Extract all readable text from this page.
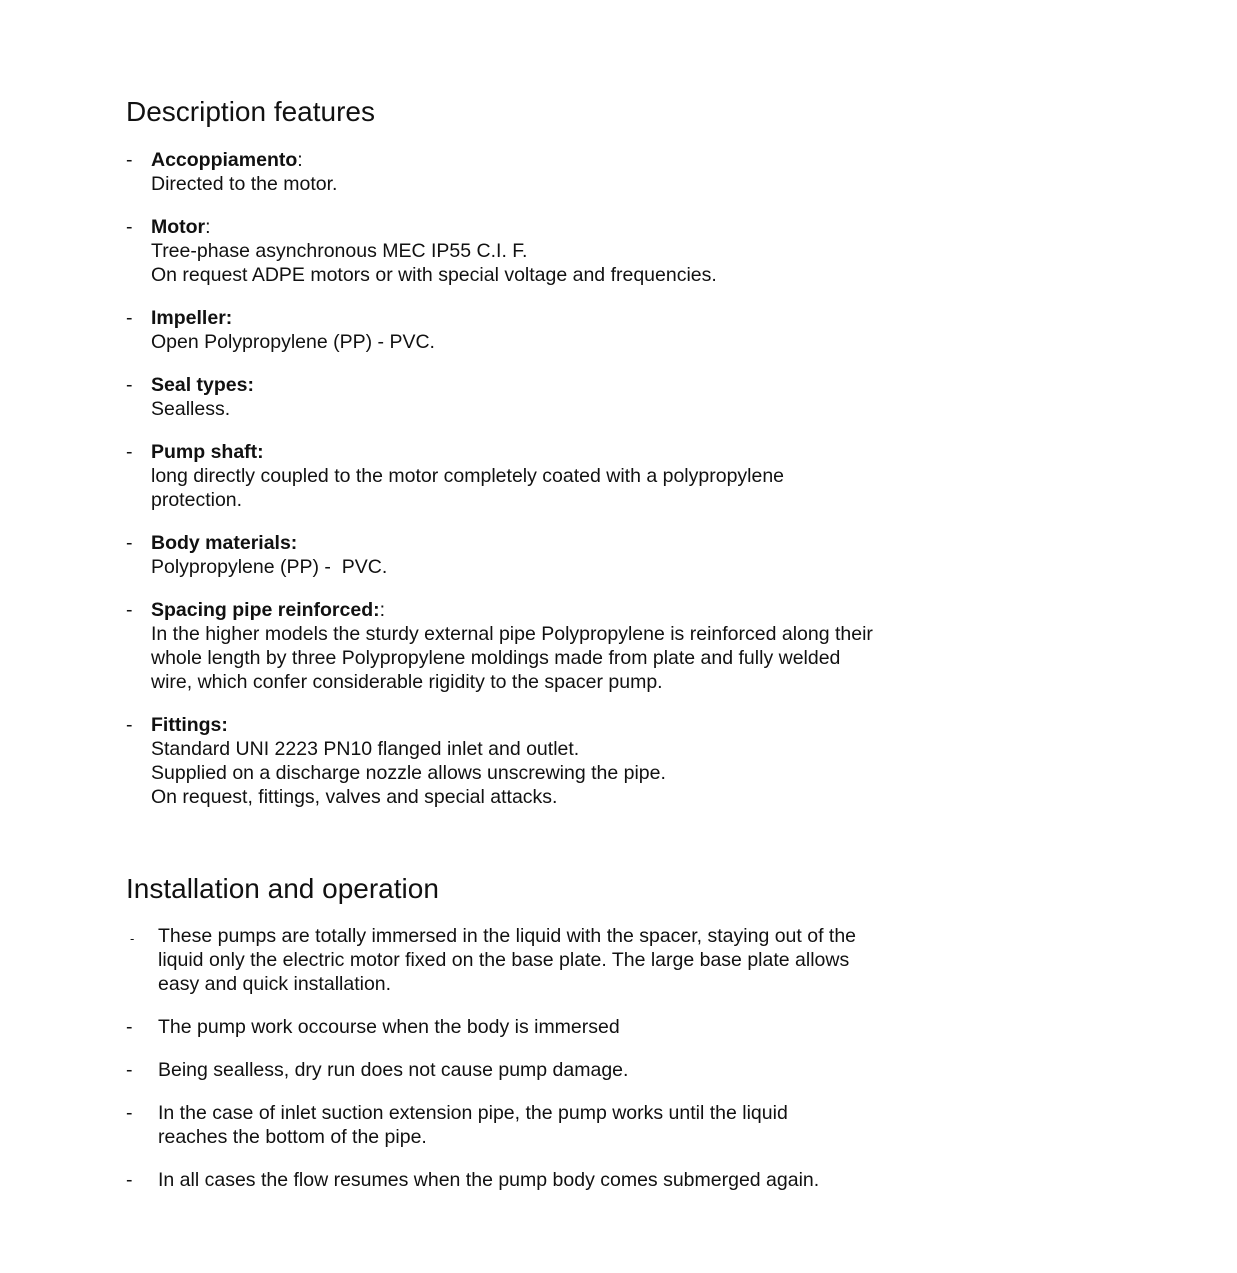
Description features
- Accoppiamento:
Directed to the motor.
- Motor:
Tree-phase asynchronous MEC IP55 C.I. F.
On request ADPE motors or with special voltage and frequencies.
- Impeller:
Open Polypropylene (PP) - PVC.
- Seal types:
Sealless.
- Pump shaft:
long directly coupled to the motor completely coated with a polypropylene protection.
- Body materials:
Polypropylene (PP) -  PVC.
- Spacing pipe reinforced::
In the higher models the sturdy external pipe Polypropylene is reinforced along their whole length by three Polypropylene moldings made from plate and fully welded wire, which confer considerable rigidity to the spacer pump.
- Fittings:
Standard UNI 2223 PN10 flanged inlet and outlet.
Supplied on a discharge nozzle allows unscrewing the pipe.
On request, fittings, valves and special attacks.
Installation and operation
- These pumps are totally immersed in the liquid with the spacer, staying out of the liquid only the electric motor fixed on the base plate. The large base plate allows easy and quick installation.
- The pump work occourse when the body is immersed
- Being sealless, dry run does not cause pump damage.
- In the case of inlet suction extension pipe, the pump works until the liquid reaches the bottom of the pipe.
- In all cases the flow resumes when the pump body comes submerged again.
